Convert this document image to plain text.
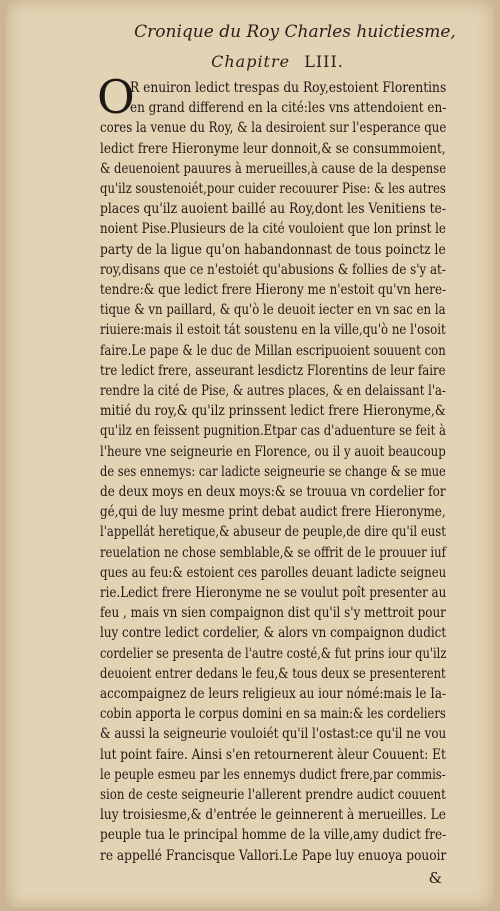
Cronique du Roy Charles huictiesme,
Chapitre LIII.
O
R enuiron ledict trespas du Roy,estoient Florentins
en grand differend en la cité:les vns attendoient en-
cores la venue du Roy, & la desiroient sur l'esperance que
ledict frere Hieronyme leur donnoit,& se consummoient,
& deuenoient pauures à merueilles,à cause de la despense
qu'ilz soustenoiét,pour cuider recouurer Pise: & les autres
places qu'ilz auoient baillé au Roy,dont les Venitiens te-
noient Pise.Plusieurs de la cité vouloient que lon prinst le
party de la ligue qu'on habandonnast de tous poinctz le
roy,disans que ce n'estoiét qu'abusions & follies de s'y at-
tendre:& que ledict frere Hierony me n'estoit qu'vn here-
tique & vn paillard, & qu'ò le deuoit iecter en vn sac en la
riuiere:mais il estoit tát soustenu en la ville,qu'ò ne l'osoit
faire.Le pape & le duc de Millan escripuoient souuent con
tre ledict frere, asseurant lesdictz Florentins de leur faire
rendre la cité de Pise, & autres places, & en delaissant l'a-
mitié du roy,& qu'ilz prinssent ledict frere Hieronyme,&
qu'ilz en feissent pugnition.Etpar cas d'aduenture se feit à
l'heure vne seigneurie en Florence, ou il y auoit beaucoup
de ses ennemys: car ladicte seigneurie se change & se mue
de deux moys en deux moys:& se trouua vn cordelier for
gé,qui de luy mesme print debat audict frere Hieronyme,
l'appellát heretique,& abuseur de peuple,de dire qu'il eust
reuelation ne chose semblable,& se offrit de le prouuer iuf
ques au feu:& estoient ces parolles deuant ladicte seigneu
rie.Ledict frere Hieronyme ne se voulut poît presenter au
feu , mais vn sien compaignon dist qu'il s'y mettroit pour
luy contre ledict cordelier, & alors vn compaignon dudict
cordelier se presenta de l'autre costé,& fut prins iour qu'ilz
deuoient entrer dedans le feu,& tous deux se presenterent
accompaignez de leurs religieux au iour nómé:mais le Ia-
cobin apporta le corpus domini en sa main:& les cordeliers
& aussi la seigneurie vouloiét qu'il l'ostast:ce qu'il ne vou
lut point faire. Ainsi s'en retournerent àleur Couuent: Et
le peuple esmeu par les ennemys dudict frere,par commis-
sion de ceste seigneurie l'allerent prendre audict couuent
luy troisiesme,& d'entrée le geinnerent à merueilles. Le
peuple tua le principal homme de la ville,amy dudict fre-
re appellé Francisque Vallori.Le Pape luy enuoya pouoir
&
